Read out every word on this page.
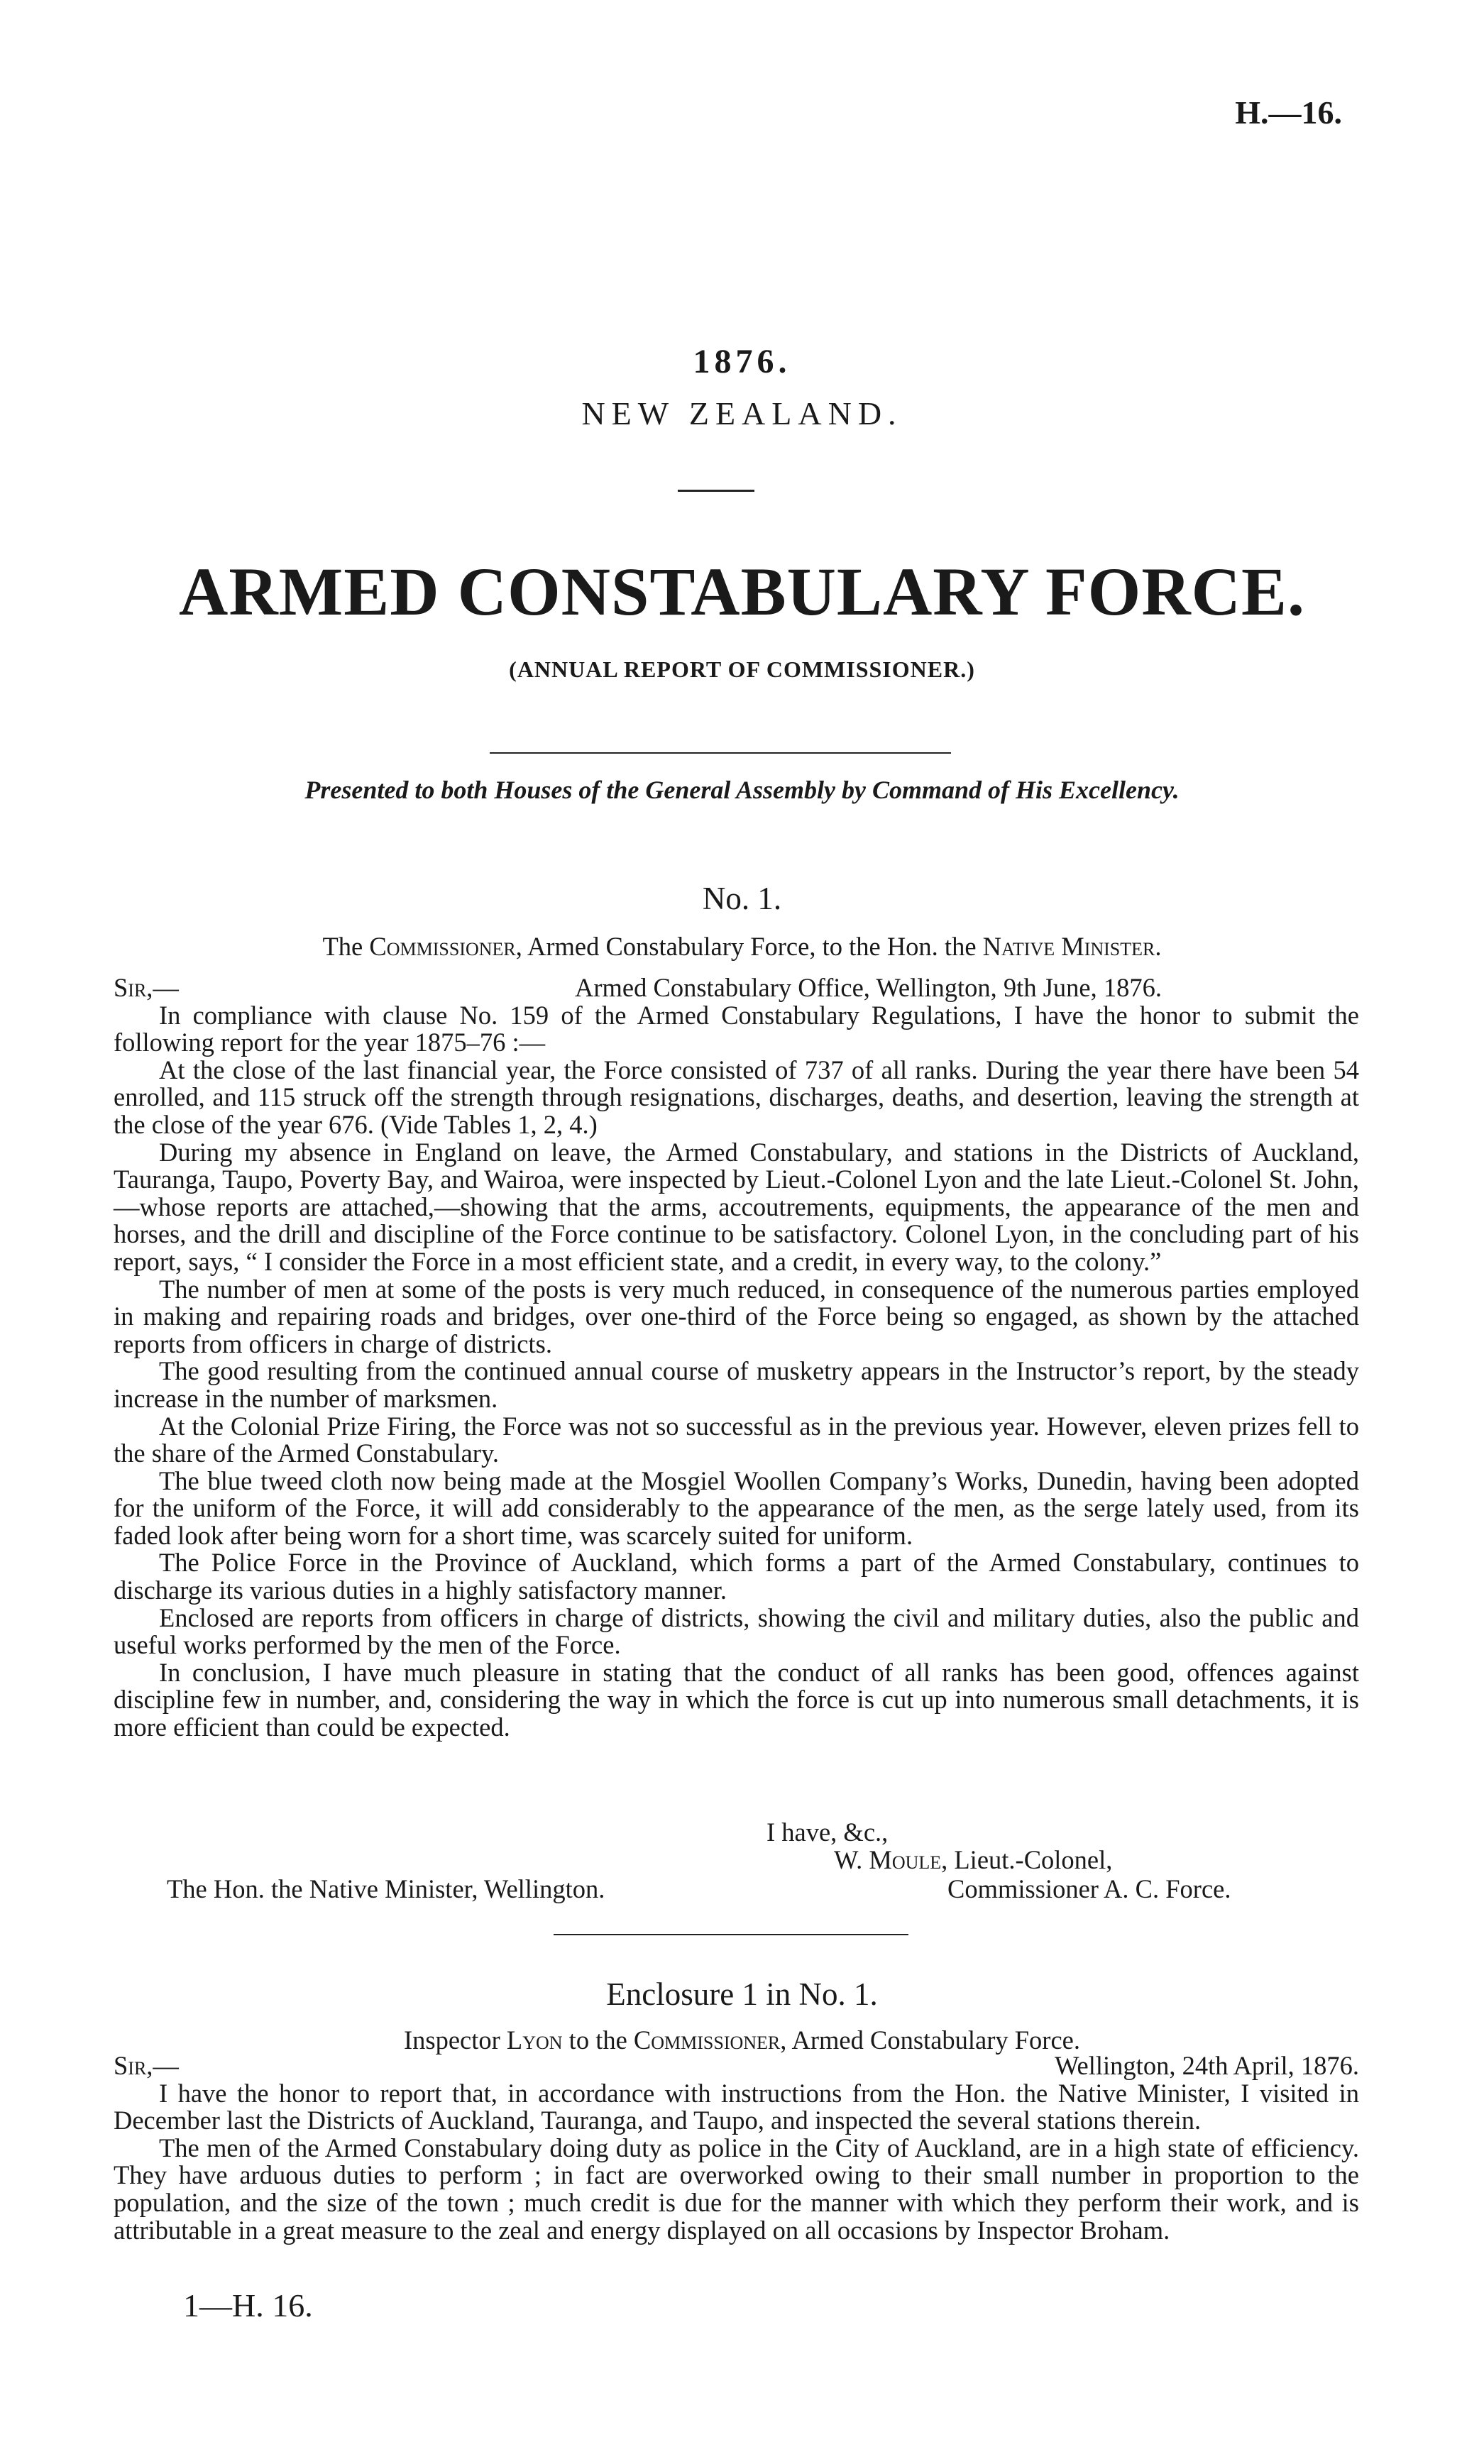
H.—16.
1876.
NEW ZEALAND.
ARMED CONSTABULARY FORCE.
(ANNUAL REPORT OF COMMISSIONER.)
Presented to both Houses of the General Assembly by Command of His Excellency.
No. 1.
The Commissioner, Armed Constabulary Force, to the Hon. the Native Minister.
Sir,—	Armed Constabulary Office, Wellington, 9th June, 1876.

In compliance with clause No. 159 of the Armed Constabulary Regulations, I have the honor to submit the following report for the year 1875–76 :—

At the close of the last financial year, the Force consisted of 737 of all ranks. During the year there have been 54 enrolled, and 115 struck off the strength through resignations, discharges, deaths, and desertion, leaving the strength at the close of the year 676. (Vide Tables 1, 2, 4.)

During my absence in England on leave, the Armed Constabulary, and stations in the Districts of Auckland, Tauranga, Taupo, Poverty Bay, and Wairoa, were inspected by Lieut.-Colonel Lyon and the late Lieut.-Colonel St. John,—whose reports are attached,—showing that the arms, accoutrements, equipments, the appearance of the men and horses, and the drill and discipline of the Force continue to be satisfactory. Colonel Lyon, in the concluding part of his report, says, “ I consider the Force in a most efficient state, and a credit, in every way, to the colony.”

The number of men at some of the posts is very much reduced, in consequence of the numerous parties employed in making and repairing roads and bridges, over one-third of the Force being so engaged, as shown by the attached reports from officers in charge of districts.

The good resulting from the continued annual course of musketry appears in the Instructor’s report, by the steady increase in the number of marksmen.

At the Colonial Prize Firing, the Force was not so successful as in the previous year. However, eleven prizes fell to the share of the Armed Constabulary.

The blue tweed cloth now being made at the Mosgiel Woollen Company’s Works, Dunedin, having been adopted for the uniform of the Force, it will add considerably to the appearance of the men, as the serge lately used, from its faded look after being worn for a short time, was scarcely suited for uniform.

The Police Force in the Province of Auckland, which forms a part of the Armed Constabulary, continues to discharge its various duties in a highly satisfactory manner.

Enclosed are reports from officers in charge of districts, showing the civil and military duties, also the public and useful works performed by the men of the Force.

In conclusion, I have much pleasure in stating that the conduct of all ranks has been good, offences against discipline few in number, and, considering the way in which the force is cut up into numerous small detachments, it is more efficient than could be expected.

I have, &c.,
W. Moule, Lieut.-Colonel,
The Hon. the Native Minister, Wellington.	Commissioner A. C. Force.
Enclosure 1 in No. 1.
Inspector Lyon to the Commissioner, Armed Constabulary Force.
Sir,—	Wellington, 24th April, 1876.

I have the honor to report that, in accordance with instructions from the Hon. the Native Minister, I visited in December last the Districts of Auckland, Tauranga, and Taupo, and inspected the several stations therein.

The men of the Armed Constabulary doing duty as police in the City of Auckland, are in a high state of efficiency. They have arduous duties to perform ; in fact are overworked owing to their small number in proportion to the population, and the size of the town ; much credit is due for the manner with which they perform their work, and is attributable in a great measure to the zeal and energy displayed on all occasions by Inspector Broham.

1—H. 16.
